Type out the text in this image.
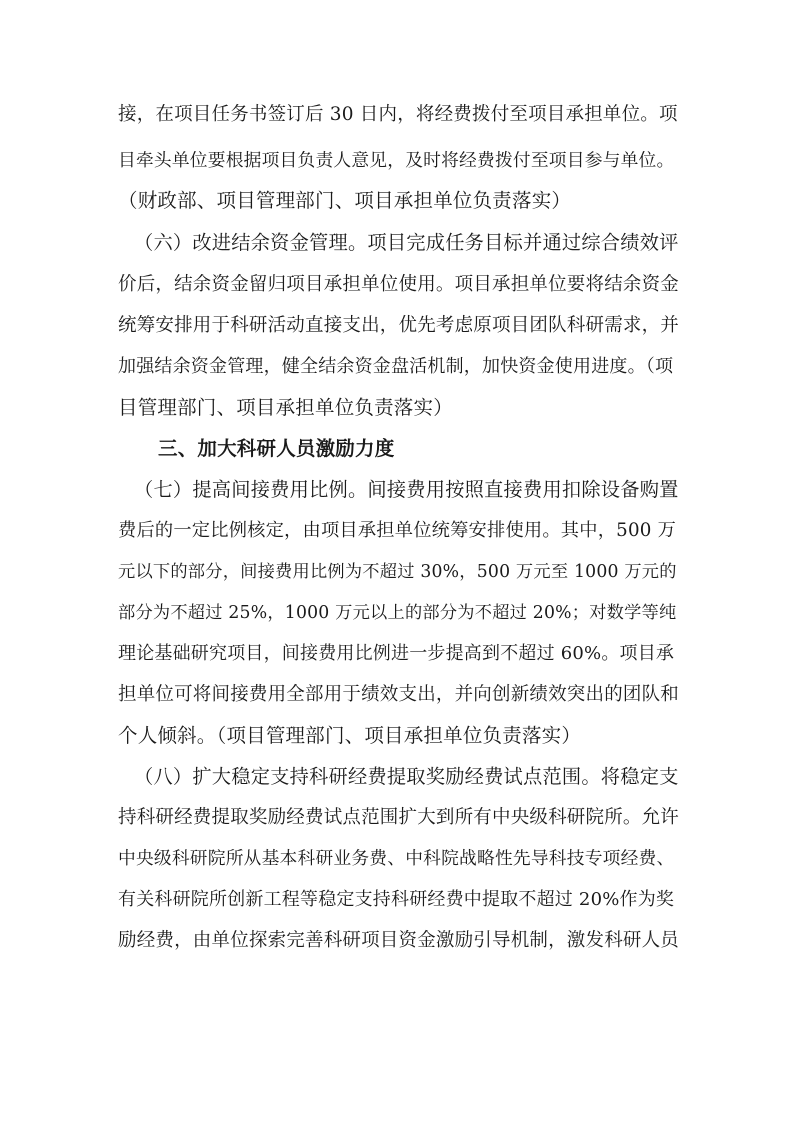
接，在项目任务书签订后 30 日内，将经费拨付至项目承担单位。项
目牵头单位要根据项目负责人意见，及时将经费拨付至项目参与单位。
（财政部、项目管理部门、项目承担单位负责落实）
（六）改进结余资金管理。项目完成任务目标并通过综合绩效评
价后，结余资金留归项目承担单位使用。项目承担单位要将结余资金
统筹安排用于科研活动直接支出，优先考虑原项目团队科研需求，并
加强结余资金管理，健全结余资金盘活机制，加快资金使用进度。（项
目管理部门、项目承担单位负责落实）
三、加大科研人员激励力度
（七）提高间接费用比例。间接费用按照直接费用扣除设备购置
费后的一定比例核定，由项目承担单位统筹安排使用。其中，500 万
元以下的部分，间接费用比例为不超过 30%，500 万元至 1000 万元的
部分为不超过 25%，1000 万元以上的部分为不超过 20%；对数学等纯
理论基础研究项目，间接费用比例进一步提高到不超过 60%。项目承
担单位可将间接费用全部用于绩效支出，并向创新绩效突出的团队和
个人倾斜。（项目管理部门、项目承担单位负责落实）
（八）扩大稳定支持科研经费提取奖励经费试点范围。将稳定支
持科研经费提取奖励经费试点范围扩大到所有中央级科研院所。允许
中央级科研院所从基本科研业务费、中科院战略性先导科技专项经费、
有关科研院所创新工程等稳定支持科研经费中提取不超过 20%作为奖
励经费，由单位探索完善科研项目资金激励引导机制，激发科研人员
